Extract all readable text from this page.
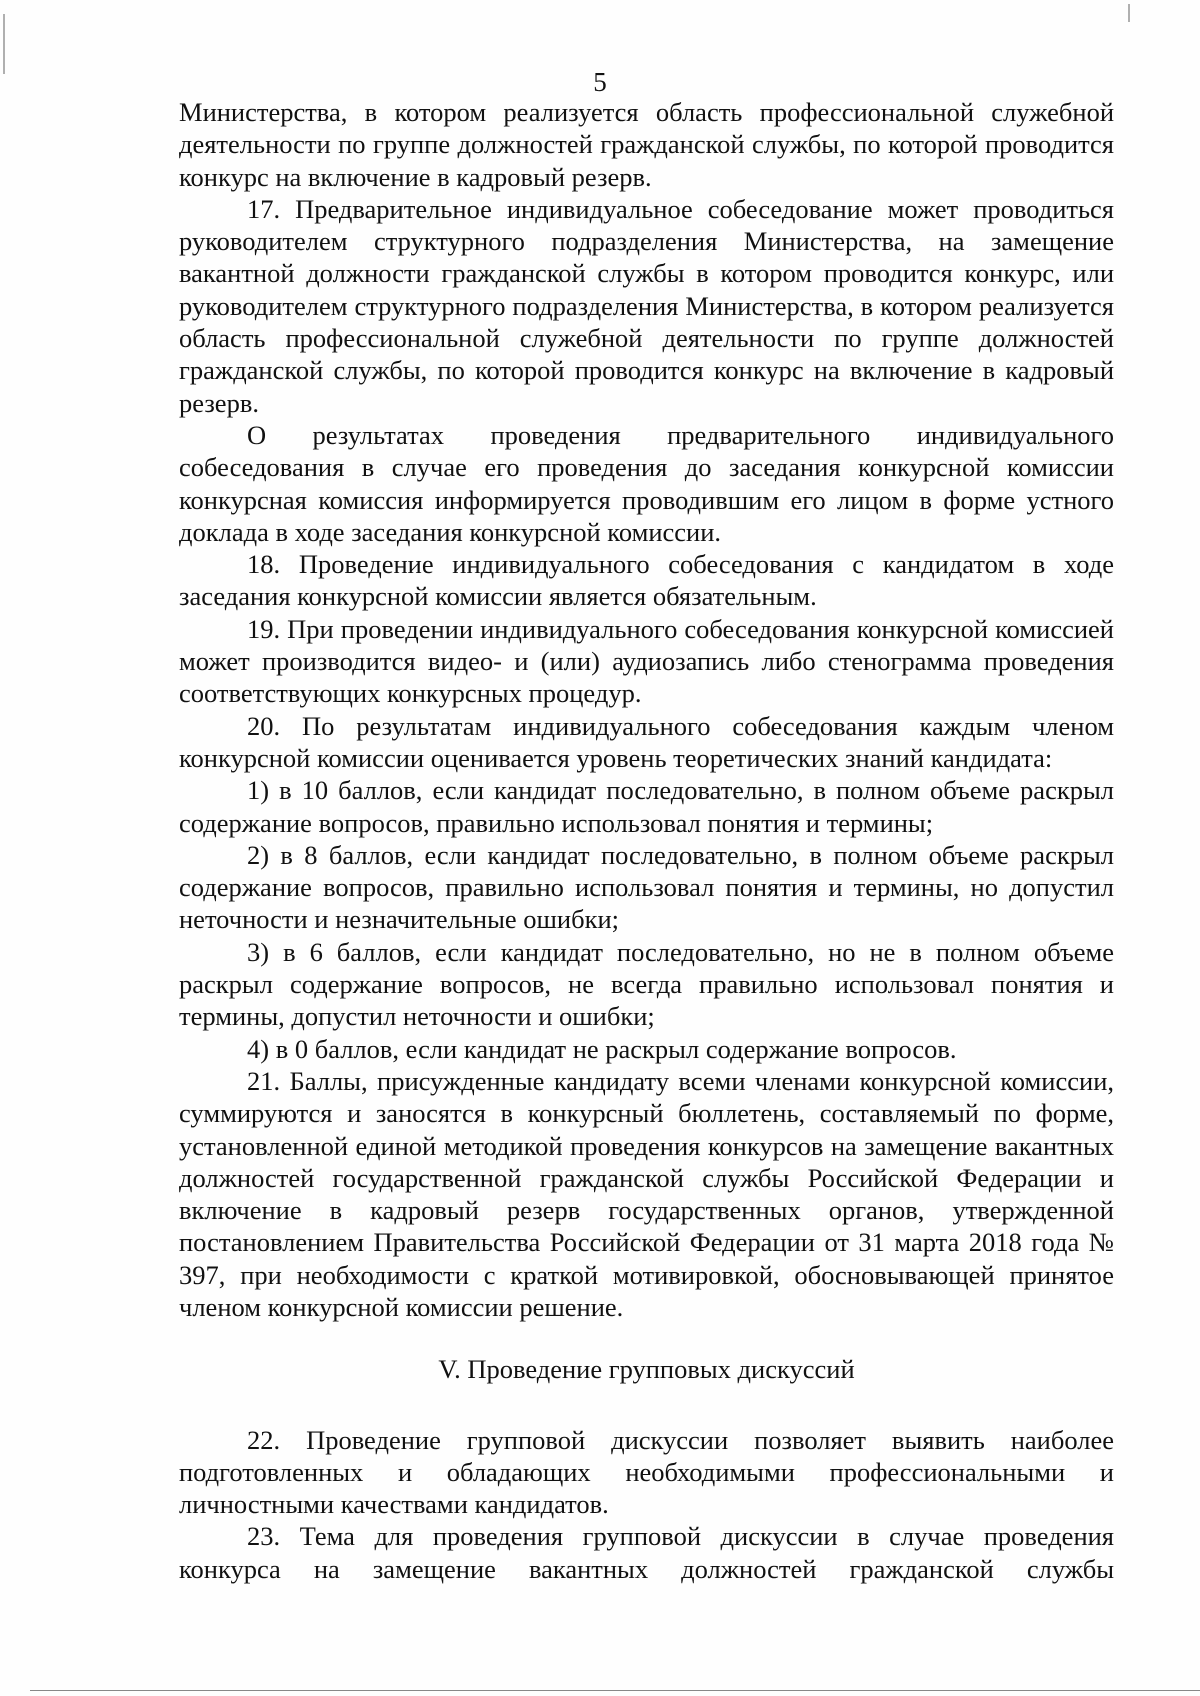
5

Министерства, в котором реализуется область профессиональной служебной деятельности по группе должностей гражданской службы, по которой проводится конкурс на включение в кадровый резерв.

17. Предварительное индивидуальное собеседование может проводиться руководителем структурного подразделения Министерства, на замещение вакантной должности гражданской службы в котором проводится конкурс, или руководителем структурного подразделения Министерства, в котором реализуется область профессиональной служебной деятельности по группе должностей гражданской службы, по которой проводится конкурс на включение в кадровый резерв.

О результатах проведения предварительного индивидуального собеседования в случае его проведения до заседания конкурсной комиссии конкурсная комиссия информируется проводившим его лицом в форме устного доклада в ходе заседания конкурсной комиссии.

18. Проведение индивидуального собеседования с кандидатом в ходе заседания конкурсной комиссии является обязательным.

19. При проведении индивидуального собеседования конкурсной комиссией может производится видео- и (или) аудиозапись либо стенограмма проведения соответствующих конкурсных процедур.

20. По результатам индивидуального собеседования каждым членом конкурсной комиссии оценивается уровень теоретических знаний кандидата:

1) в 10 баллов, если кандидат последовательно, в полном объеме раскрыл содержание вопросов, правильно использовал понятия и термины;

2) в 8 баллов, если кандидат последовательно, в полном объеме раскрыл содержание вопросов, правильно использовал понятия и термины, но допустил неточности и незначительные ошибки;

3) в 6 баллов, если кандидат последовательно, но не в полном объеме раскрыл содержание вопросов, не всегда правильно использовал понятия и термины, допустил неточности и ошибки;

4) в 0 баллов, если кандидат не раскрыл содержание вопросов.

21. Баллы, присужденные кандидату всеми членами конкурсной комиссии, суммируются и заносятся в конкурсный бюллетень, составляемый по форме, установленной единой методикой проведения конкурсов на замещение вакантных должностей государственной гражданской службы Российской Федерации и включение в кадровый резерв государственных органов, утвержденной постановлением Правительства Российской Федерации от 31 марта 2018 года № 397, при необходимости с краткой мотивировкой, обосновывающей принятое членом конкурсной комиссии решение.

V. Проведение групповых дискуссий

22. Проведение групповой дискуссии позволяет выявить наиболее подготовленных и обладающих необходимыми профессиональными и личностными качествами кандидатов.

23. Тема для проведения групповой дискуссии в случае проведения конкурса на замещение вакантных должностей гражданской службы
